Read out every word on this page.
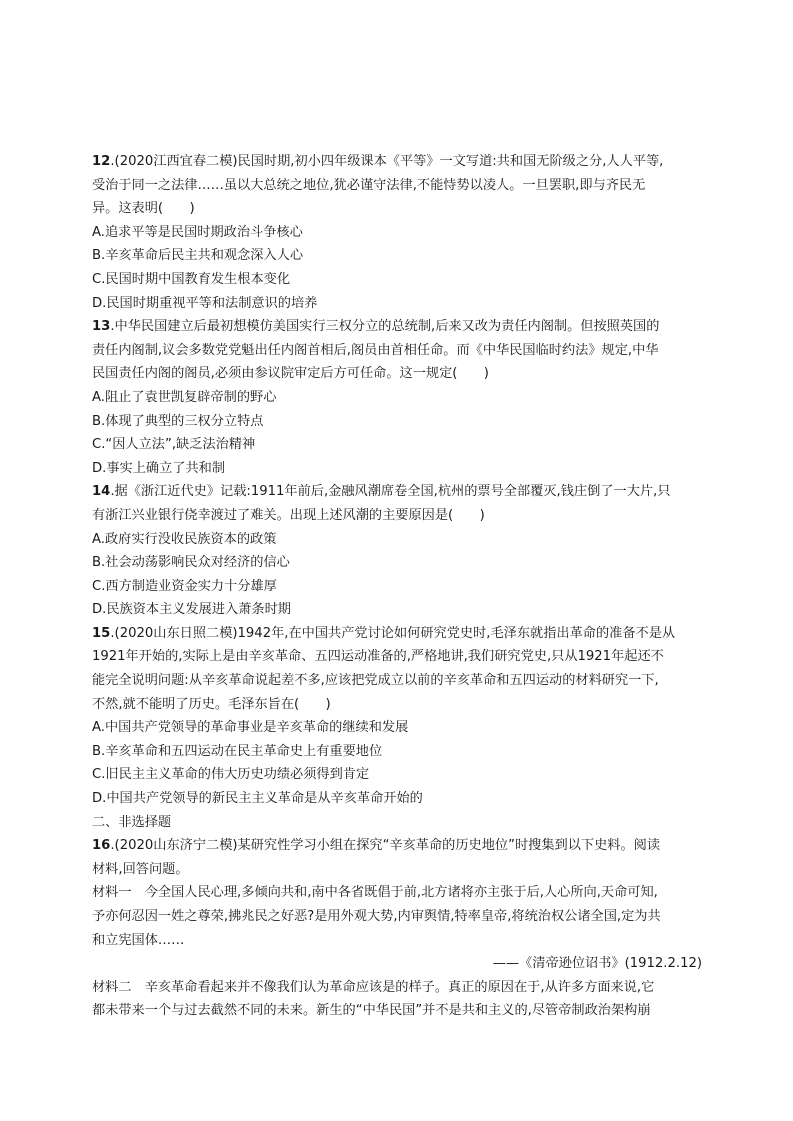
12.(2020江西宜春二模)民国时期,初小四年级课本《平等》一文写道:共和国无阶级之分,人人平等,
受治于同一之法律……虽以大总统之地位,犹必谨守法律,不能恃势以凌人。一旦罢职,即与齐民无
异。这表明(　　)
A.追求平等是民国时期政治斗争核心
B.辛亥革命后民主共和观念深入人心
C.民国时期中国教育发生根本变化
D.民国时期重视平等和法制意识的培养
13.中华民国建立后最初想模仿美国实行三权分立的总统制,后来又改为责任内阁制。但按照英国的
责任内阁制,议会多数党党魁出任内阁首相后,阁员由首相任命。而《中华民国临时约法》规定,中华
民国责任内阁的阁员,必须由参议院审定后方可任命。这一规定(　　)
A.阻止了袁世凯复辟帝制的野心
B.体现了典型的三权分立特点
C.“因人立法”,缺乏法治精神
D.事实上确立了共和制
14.据《浙江近代史》记载:1911年前后,金融风潮席卷全国,杭州的票号全部覆灭,钱庄倒了一大片,只
有浙江兴业银行侥幸渡过了难关。出现上述风潮的主要原因是(　　)
A.政府实行没收民族资本的政策
B.社会动荡影响民众对经济的信心
C.西方制造业资金实力十分雄厚
D.民族资本主义发展进入萧条时期
15.(2020山东日照二模)1942年,在中国共产党讨论如何研究党史时,毛泽东就指出革命的准备不是从
1921年开始的,实际上是由辛亥革命、五四运动准备的,严格地讲,我们研究党史,只从1921年起还不
能完全说明问题:从辛亥革命说起差不多,应该把党成立以前的辛亥革命和五四运动的材料研究一下,
不然,就不能明了历史。毛泽东旨在(　　)
A.中国共产党领导的革命事业是辛亥革命的继续和发展
B.辛亥革命和五四运动在民主革命史上有重要地位
C.旧民主主义革命的伟大历史功绩必须得到肯定
D.中国共产党领导的新民主主义革命是从辛亥革命开始的
二、非选择题
16.(2020山东济宁二模)某研究性学习小组在探究“辛亥革命的历史地位”时搜集到以下史料。阅读
材料,回答问题。
材料一　今全国人民心理,多倾向共和,南中各省既倡于前,北方诸将亦主张于后,人心所向,天命可知,
予亦何忍因一姓之尊荣,拂兆民之好恶?是用外观大势,内审舆情,特率皇帝,将统治权公诸全国,定为共
和立宪国体……
——《清帝逊位诏书》(1912.2.12)
材料二　辛亥革命看起来并不像我们认为革命应该是的样子。真正的原因在于,从许多方面来说,它
都未带来一个与过去截然不同的未来。新生的“中华民国”并不是共和主义的,尽管帝制政治架构崩
